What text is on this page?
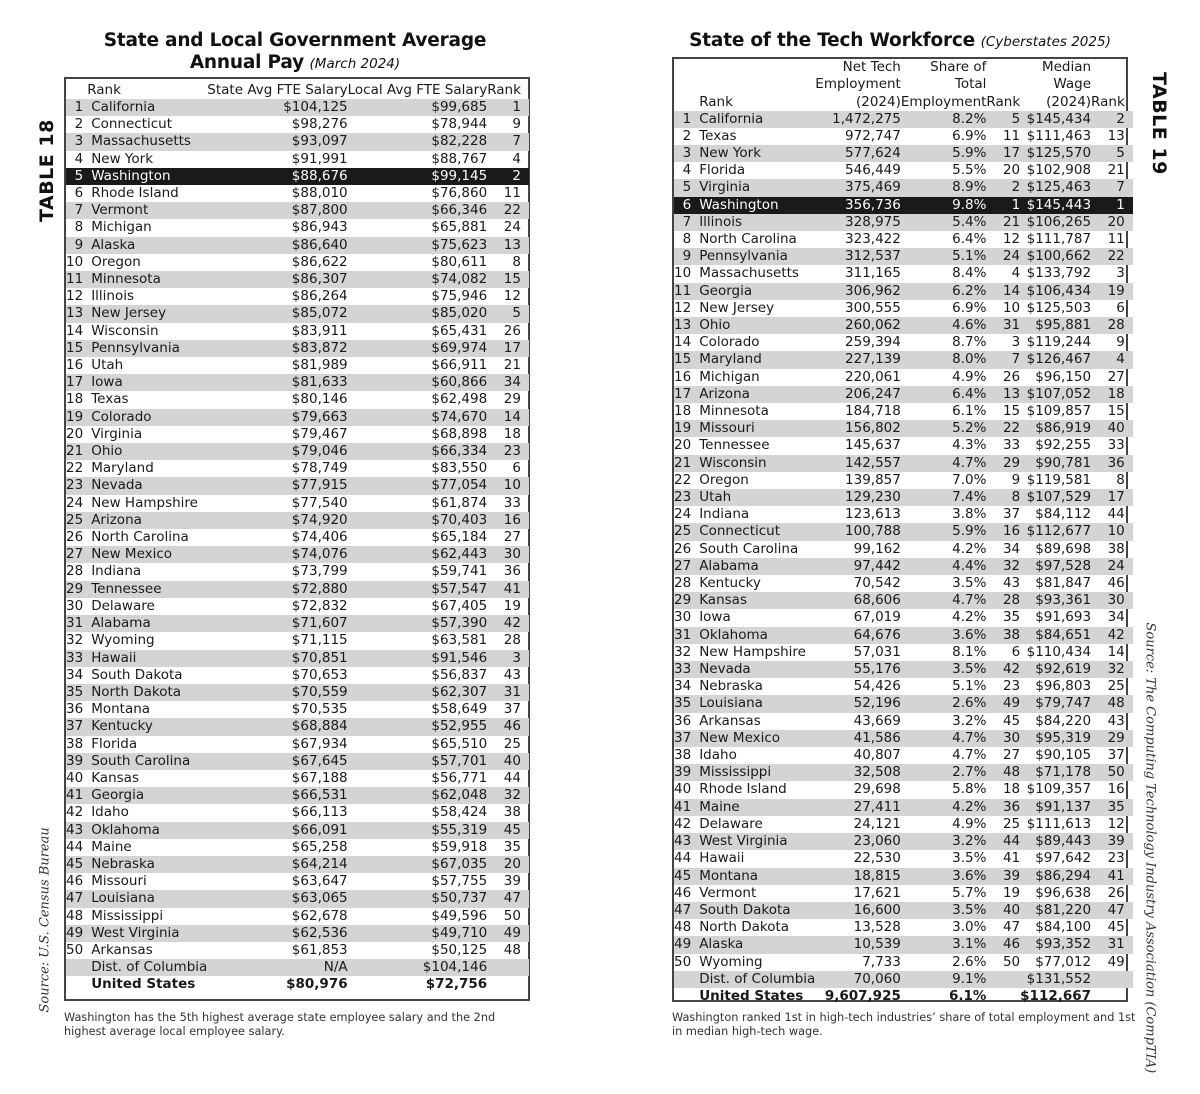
TABLE 18
State and Local Government Average
Annual Pay (March 2024)
	Rank	State Avg FTE Salary	Local Avg FTE Salary	Rank
1	California	$104,125	$99,685	1
2	Connecticut	$98,276	$78,944	9
3	Massachusetts	$93,097	$82,228	7
4	New York	$91,991	$88,767	4
5	Washington	$88,676	$99,145	2
6	Rhode Island	$88,010	$76,860	11
7	Vermont	$87,800	$66,346	22
8	Michigan	$86,943	$65,881	24
9	Alaska	$86,640	$75,623	13
10	Oregon	$86,622	$80,611	8
11	Minnesota	$86,307	$74,082	15
12	Illinois	$86,264	$75,946	12
13	New Jersey	$85,072	$85,020	5
14	Wisconsin	$83,911	$65,431	26
15	Pennsylvania	$83,872	$69,974	17
16	Utah	$81,989	$66,911	21
17	Iowa	$81,633	$60,866	34
18	Texas	$80,146	$62,498	29
19	Colorado	$79,663	$74,670	14
20	Virginia	$79,467	$68,898	18
21	Ohio	$79,046	$66,334	23
22	Maryland	$78,749	$83,550	6
23	Nevada	$77,915	$77,054	10
24	New Hampshire	$77,540	$61,874	33
25	Arizona	$74,920	$70,403	16
26	North Carolina	$74,406	$65,184	27
27	New Mexico	$74,076	$62,443	30
28	Indiana	$73,799	$59,741	36
29	Tennessee	$72,880	$57,547	41
30	Delaware	$72,832	$67,405	19
31	Alabama	$71,607	$57,390	42
32	Wyoming	$71,115	$63,581	28
33	Hawaii	$70,851	$91,546	3
34	South Dakota	$70,653	$56,837	43
35	North Dakota	$70,559	$62,307	31
36	Montana	$70,535	$58,649	37
37	Kentucky	$68,884	$52,955	46
38	Florida	$67,934	$65,510	25
39	South Carolina	$67,645	$57,701	40
40	Kansas	$67,188	$56,771	44
41	Georgia	$66,531	$62,048	32
42	Idaho	$66,113	$58,424	38
43	Oklahoma	$66,091	$55,319	45
44	Maine	$65,258	$59,918	35
45	Nebraska	$64,214	$67,035	20
46	Missouri	$63,647	$57,755	39
47	Louisiana	$63,065	$50,737	47
48	Mississippi	$62,678	$49,596	50
49	West Virginia	$62,536	$49,710	49
50	Arkansas	$61,853	$50,125	48
	Dist. of Columbia	N/A	$104,146	
	United States	$80,976	$72,756	
Source: U.S. Census Bureau
Washington has the 5th highest average state employee salary and the 2nd highest average local employee salary.
State of the Tech Workforce (Cyberstates 2025)
TABLE 19
		Net Tech	Share of		Median	
		Employment	Total		Wage	
	Rank	(2024)	Employment	Rank	(2024)	Rank
1	California	1,472,275	8.2%	5	$145,434	2
2	Texas	972,747	6.9%	11	$111,463	13
3	New York	577,624	5.9%	17	$125,570	5
4	Florida	546,449	5.5%	20	$102,908	21
5	Virginia	375,469	8.9%	2	$125,463	7
6	Washington	356,736	9.8%	1	$145,443	1
7	Illinois	328,975	5.4%	21	$106,265	20
8	North Carolina	323,422	6.4%	12	$111,787	11
9	Pennsylvania	312,537	5.1%	24	$100,662	22
10	Massachusetts	311,165	8.4%	4	$133,792	3
11	Georgia	306,962	6.2%	14	$106,434	19
12	New Jersey	300,555	6.9%	10	$125,503	6
13	Ohio	260,062	4.6%	31	$95,881	28
14	Colorado	259,394	8.7%	3	$119,244	9
15	Maryland	227,139	8.0%	7	$126,467	4
16	Michigan	220,061	4.9%	26	$96,150	27
17	Arizona	206,247	6.4%	13	$107,052	18
18	Minnesota	184,718	6.1%	15	$109,857	15
19	Missouri	156,802	5.2%	22	$86,919	40
20	Tennessee	145,637	4.3%	33	$92,255	33
21	Wisconsin	142,557	4.7%	29	$90,781	36
22	Oregon	139,857	7.0%	9	$119,581	8
23	Utah	129,230	7.4%	8	$107,529	17
24	Indiana	123,613	3.8%	37	$84,112	44
25	Connecticut	100,788	5.9%	16	$112,677	10
26	South Carolina	99,162	4.2%	34	$89,698	38
27	Alabama	97,442	4.4%	32	$97,528	24
28	Kentucky	70,542	3.5%	43	$81,847	46
29	Kansas	68,606	4.7%	28	$93,361	30
30	Iowa	67,019	4.2%	35	$91,693	34
31	Oklahoma	64,676	3.6%	38	$84,651	42
32	New Hampshire	57,031	8.1%	6	$110,434	14
33	Nevada	55,176	3.5%	42	$92,619	32
34	Nebraska	54,426	5.1%	23	$96,803	25
35	Louisiana	52,196	2.6%	49	$79,747	48
36	Arkansas	43,669	3.2%	45	$84,220	43
37	New Mexico	41,586	4.7%	30	$95,319	29
38	Idaho	40,807	4.7%	27	$90,105	37
39	Mississippi	32,508	2.7%	48	$71,178	50
40	Rhode Island	29,698	5.8%	18	$109,357	16
41	Maine	27,411	4.2%	36	$91,137	35
42	Delaware	24,121	4.9%	25	$111,613	12
43	West Virginia	23,060	3.2%	44	$89,443	39
44	Hawaii	22,530	3.5%	41	$97,642	23
45	Montana	18,815	3.6%	39	$86,294	41
46	Vermont	17,621	5.7%	19	$96,638	26
47	South Dakota	16,600	3.5%	40	$81,220	47
48	North Dakota	13,528	3.0%	47	$84,100	45
49	Alaska	10,539	3.1%	46	$93,352	31
50	Wyoming	7,733	2.6%	50	$77,012	49
	Dist. of Columbia	70,060	9.1%		$131,552	
	United States	9,607,925	6.1%		$112,667		Source: The Computing Technology Industry Association (CompTIA)
Washington ranked 1st in high-tech industries’ share of total employment and 1st in median high-tech wage.
